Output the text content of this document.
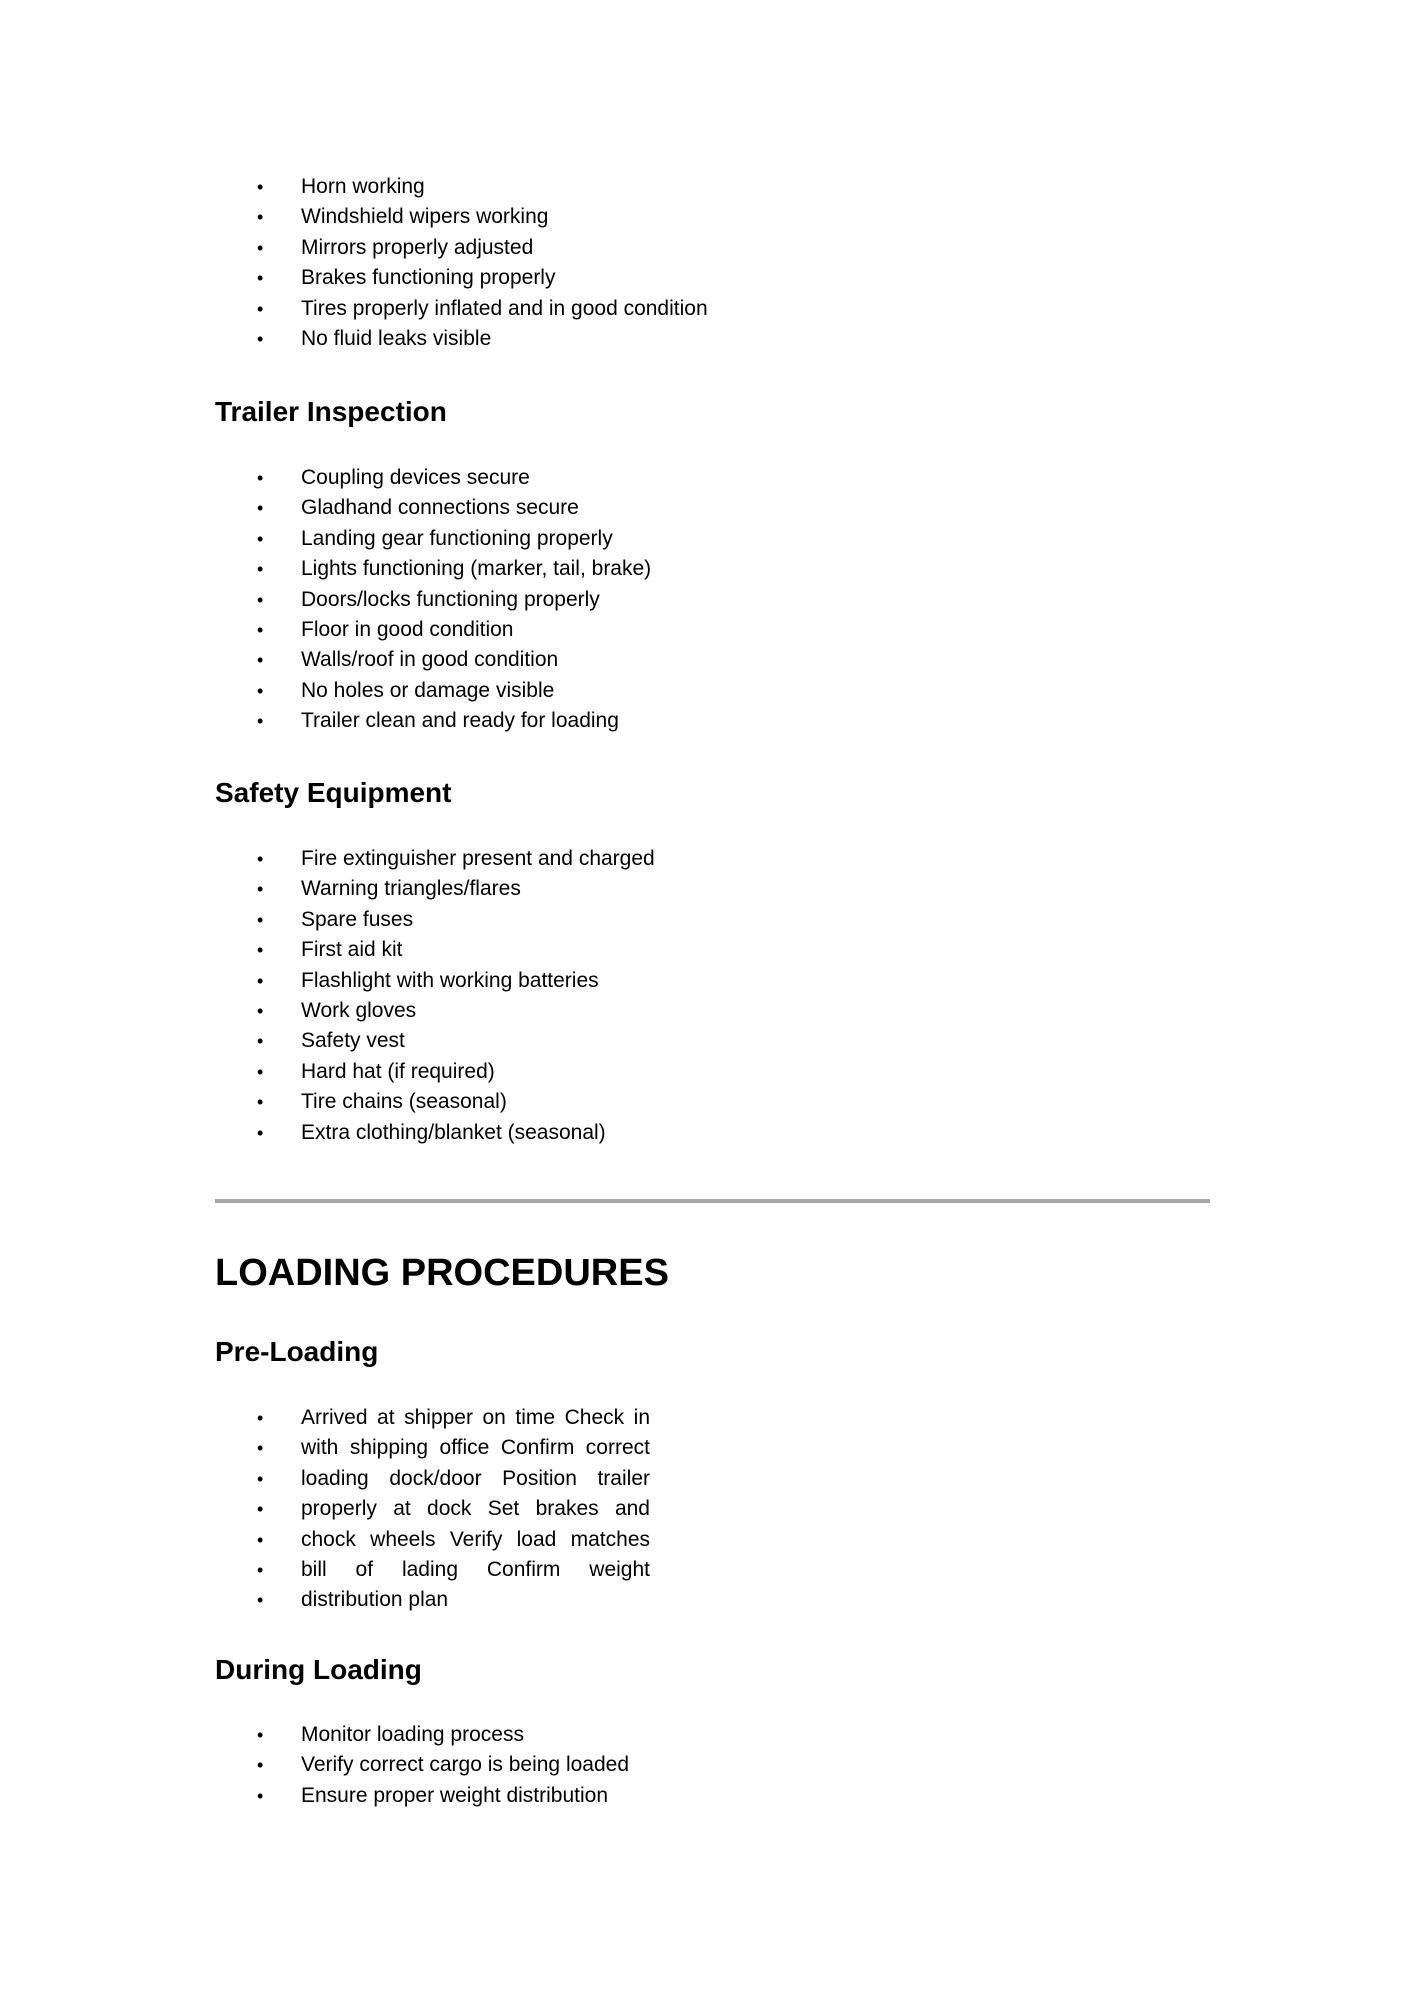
• Horn working
• Windshield wipers working
• Mirrors properly adjusted
• Brakes functioning properly
• Tires properly inflated and in good condition
• No fluid leaks visible
Trailer Inspection
• Coupling devices secure
• Gladhand connections secure
• Landing gear functioning properly
• Lights functioning (marker, tail, brake)
• Doors/locks functioning properly
• Floor in good condition
• Walls/roof in good condition
• No holes or damage visible
• Trailer clean and ready for loading
Safety Equipment
• Fire extinguisher present and charged
• Warning triangles/flares
• Spare fuses
• First aid kit
• Flashlight with working batteries
• Work gloves
• Safety vest
• Hard hat (if required)
• Tire chains (seasonal)
• Extra clothing/blanket (seasonal)
LOADING PROCEDURES
Pre-Loading
• Arrived at shipper on time Check in
• with shipping office Confirm correct
• loading dock/door Position trailer
• properly at dock Set brakes and
• chock wheels Verify load matches
• bill of lading Confirm weight
• distribution plan
During Loading
• Monitor loading process
• Verify correct cargo is being loaded
• Ensure proper weight distribution
